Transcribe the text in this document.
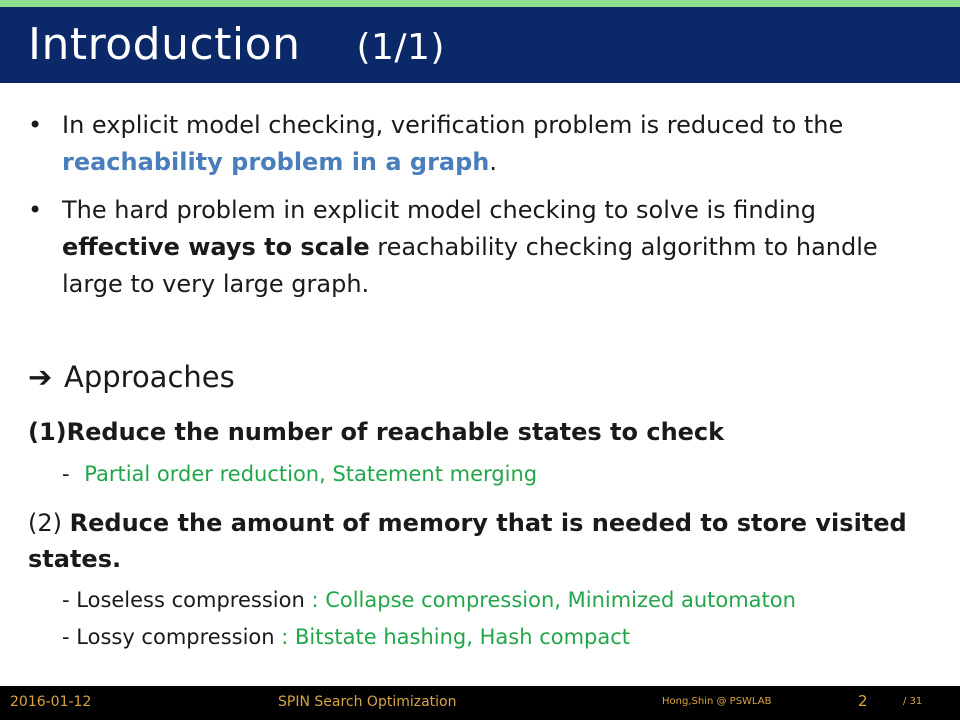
Introduction (1/1)
• In explicit model checking, verification problem is reduced to the reachability problem in a graph.
• The hard problem in explicit model checking to solve is finding effective ways to scale reachability checking algorithm to handle large to very large graph.
➔ Approaches
(1)Reduce the number of reachable states to check
- Partial order reduction, Statement merging
(2) Reduce the amount of memory that is needed to store visited states.
- Loseless compression : Collapse compression, Minimized automaton
- Lossy compression : Bitstate hashing, Hash compact
2016-01-12	SPIN Search Optimization	Hong,Shin @ PSWLAB	2	/ 31
